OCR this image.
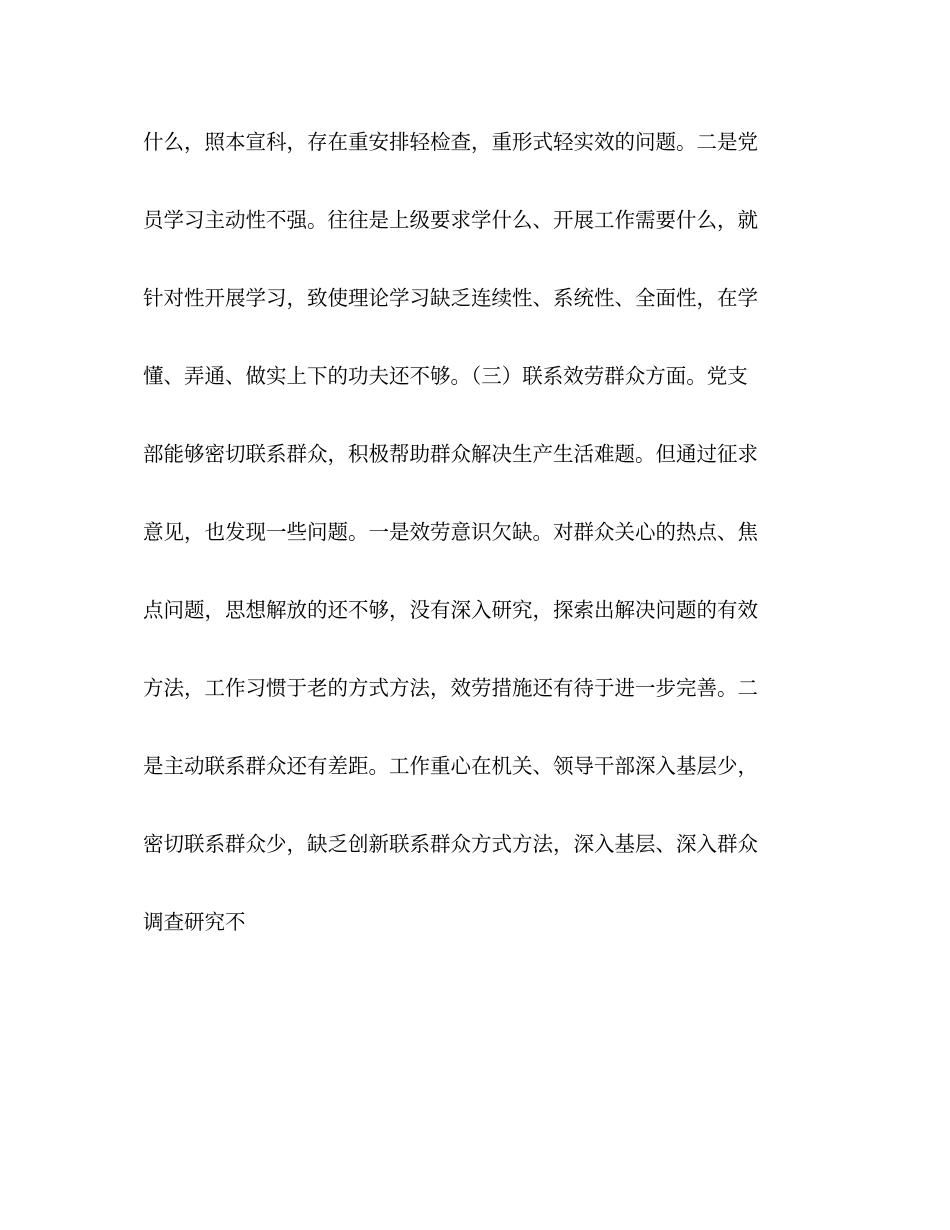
什么，照本宣科，存在重安排轻检查，重形式轻实效的问题。二是党
员学习主动性不强。往往是上级要求学什么、开展工作需要什么，就
针对性开展学习，致使理论学习缺乏连续性、系统性、全面性，在学
懂、弄通、做实上下的功夫还不够。（三）联系效劳群众方面。党支
部能够密切联系群众，积极帮助群众解决生产生活难题。但通过征求
意见，也发现一些问题。一是效劳意识欠缺。对群众关心的热点、焦
点问题，思想解放的还不够，没有深入研究，探索出解决问题的有效
方法，工作习惯于老的方式方法，效劳措施还有待于进一步完善。二
是主动联系群众还有差距。工作重心在机关、领导干部深入基层少，
密切联系群众少，缺乏创新联系群众方式方法，深入基层、深入群众
调查研究不
